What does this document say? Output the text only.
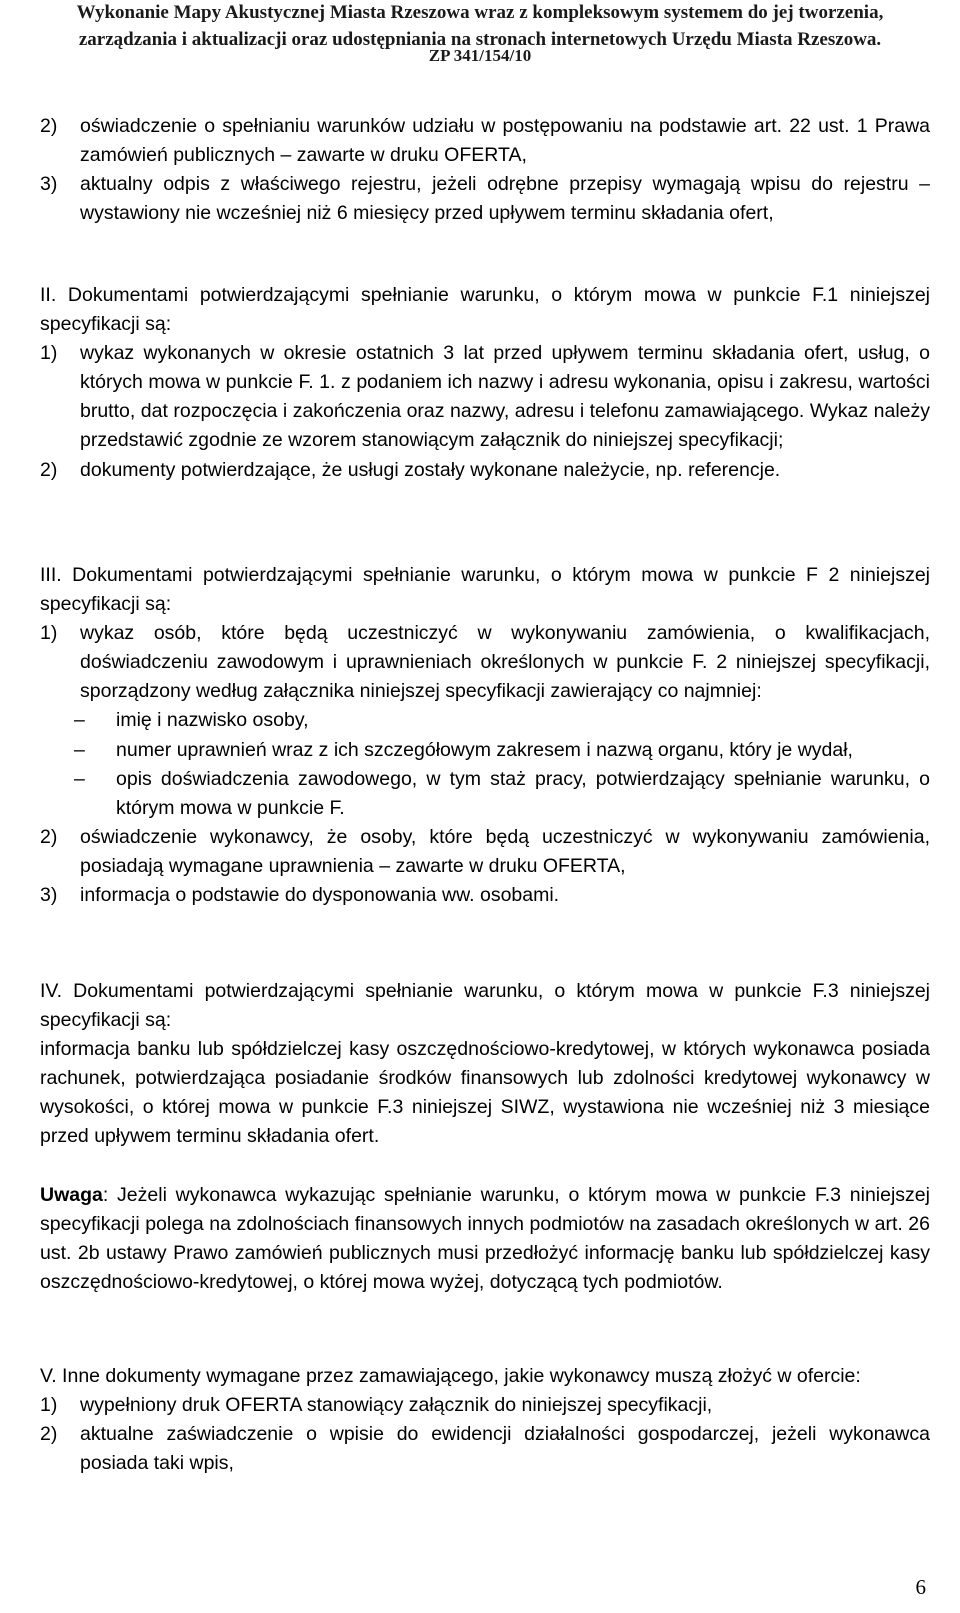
Wykonanie Mapy Akustycznej Miasta Rzeszowa wraz z kompleksowym systemem do jej tworzenia,
zarządzania i aktualizacji oraz udostępniania na stronach internetowych Urzędu Miasta Rzeszowa.
ZP 341/154/10
2) oświadczenie o spełnianiu warunków udziału w postępowaniu na podstawie art. 22 ust. 1 Prawa zamówień publicznych – zawarte w druku OFERTA,
3) aktualny odpis z właściwego rejestru, jeżeli odrębne przepisy wymagają wpisu do rejestru – wystawiony nie wcześniej niż 6 miesięcy przed upływem terminu składania ofert,
II. Dokumentami potwierdzającymi spełnianie warunku, o którym mowa w punkcie F.1 niniejszej specyfikacji są:
1) wykaz wykonanych w okresie ostatnich 3 lat przed upływem terminu składania ofert, usług, o których mowa w punkcie F. 1. z podaniem ich nazwy i adresu wykonania, opisu i zakresu, wartości brutto, dat rozpoczęcia i zakończenia oraz nazwy, adresu i telefonu zamawiającego. Wykaz należy przedstawić zgodnie ze wzorem stanowiącym załącznik do niniejszej specyfikacji;
2) dokumenty potwierdzające, że usługi zostały wykonane należycie, np. referencje.
III. Dokumentami potwierdzającymi spełnianie warunku, o którym mowa w punkcie F 2 niniejszej specyfikacji są:
1) wykaz osób, które będą uczestniczyć w wykonywaniu zamówienia, o kwalifikacjach, doświadczeniu zawodowym i uprawnieniach określonych w punkcie F. 2 niniejszej specyfikacji, sporządzony według załącznika niniejszej specyfikacji zawierający co najmniej:
– imię i nazwisko osoby,
– numer uprawnień wraz z ich szczegółowym zakresem i nazwą organu, który je wydał,
– opis doświadczenia zawodowego, w tym staż pracy, potwierdzający spełnianie warunku, o którym mowa w punkcie F.
2) oświadczenie wykonawcy, że osoby, które będą uczestniczyć w wykonywaniu zamówienia, posiadają wymagane uprawnienia – zawarte w druku OFERTA,
3) informacja o podstawie do dysponowania ww. osobami.
IV. Dokumentami potwierdzającymi spełnianie warunku, o którym mowa w punkcie F.3 niniejszej specyfikacji są:
informacja banku lub spółdzielczej kasy oszczędnościowo-kredytowej, w których wykonawca posiada rachunek, potwierdzająca posiadanie środków finansowych lub zdolności kredytowej wykonawcy w wysokości, o której mowa w punkcie F.3 niniejszej SIWZ, wystawiona nie wcześniej niż 3 miesiące przed upływem terminu składania ofert.
Uwaga: Jeżeli wykonawca wykazując spełnianie warunku, o którym mowa w punkcie F.3 niniejszej specyfikacji polega na zdolnościach finansowych innych podmiotów na zasadach określonych w art. 26 ust. 2b ustawy Prawo zamówień publicznych musi przedłożyć informację banku lub spółdzielczej kasy oszczędnościowo-kredytowej, o której mowa wyżej, dotyczącą tych podmiotów.
V. Inne dokumenty wymagane przez zamawiającego, jakie wykonawcy muszą złożyć w ofercie:
1) wypełniony druk OFERTA stanowiący załącznik do niniejszej specyfikacji,
2) aktualne zaświadczenie o wpisie do ewidencji działalności gospodarczej, jeżeli wykonawca posiada taki wpis,
6
